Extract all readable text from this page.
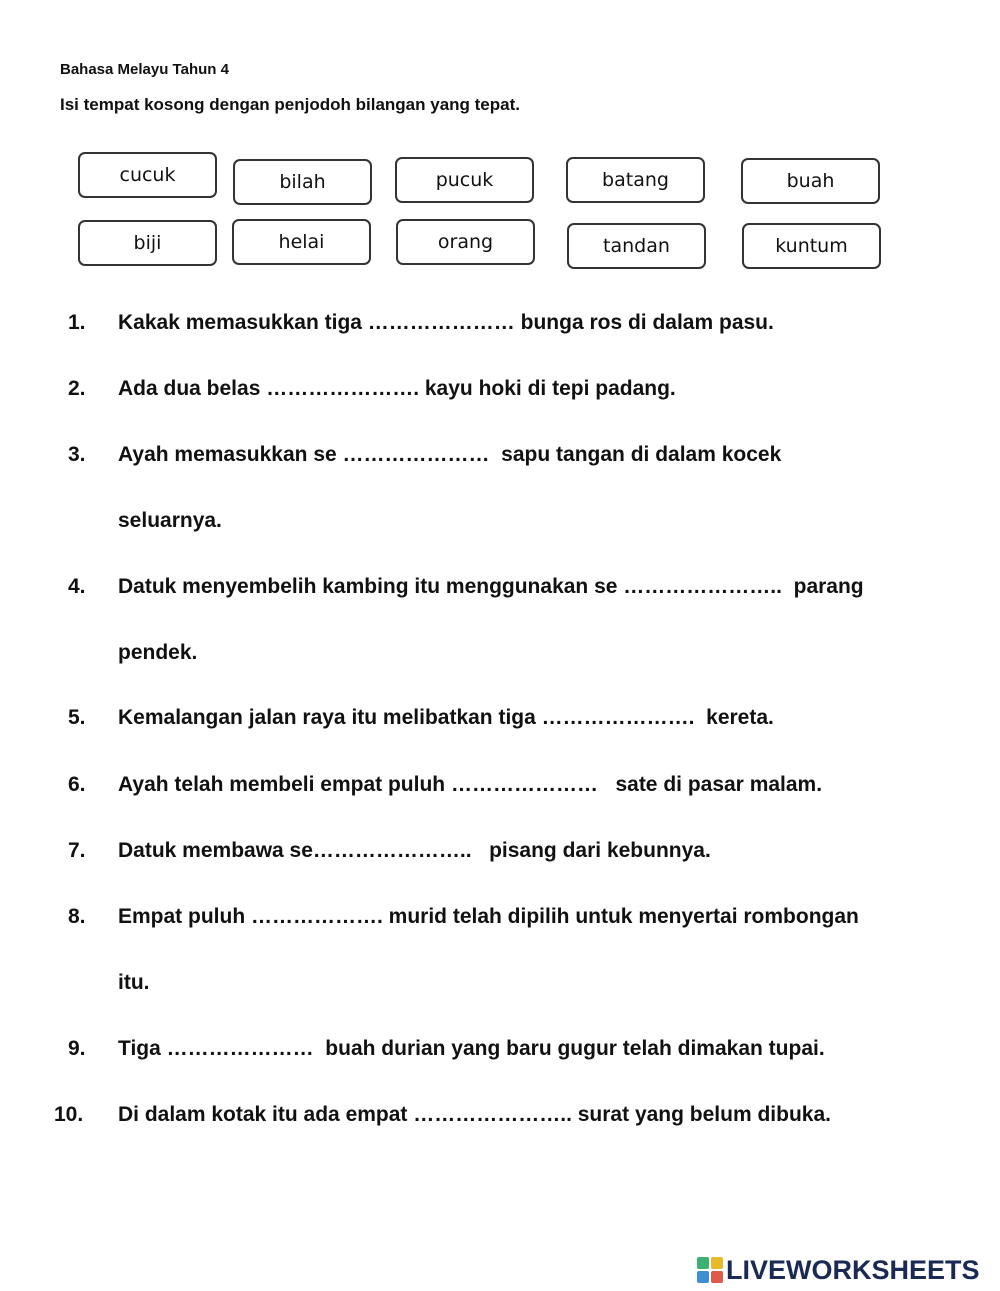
Bahasa Melayu Tahun 4
Isi tempat kosong dengan penjodoh bilangan yang tepat.
cucuk	bilah	pucuk	batang	buah
biji	helai	orang	tandan	kuntum
1. Kakak memasukkan tiga ………………… bunga ros di dalam pasu.
2. Ada dua belas …………………. kayu hoki di tepi padang.
3. Ayah memasukkan se …………………  sapu tangan di dalam kocek
seluarnya.
4. Datuk menyembelih kambing itu menggunakan se …………………..  parang
pendek.
5. Kemalangan jalan raya itu melibatkan tiga ………………….  kereta.
6. Ayah telah membeli empat puluh …………………   sate di pasar malam.
7. Datuk membawa se…………………..   pisang dari kebunnya.
8. Empat puluh ………………. murid telah dipilih untuk menyertai rombongan
itu.
9. Tiga …………………  buah durian yang baru gugur telah dimakan tupai.
10. Di dalam kotak itu ada empat ………………….. surat yang belum dibuka.
LIVEWORKSHEETS
